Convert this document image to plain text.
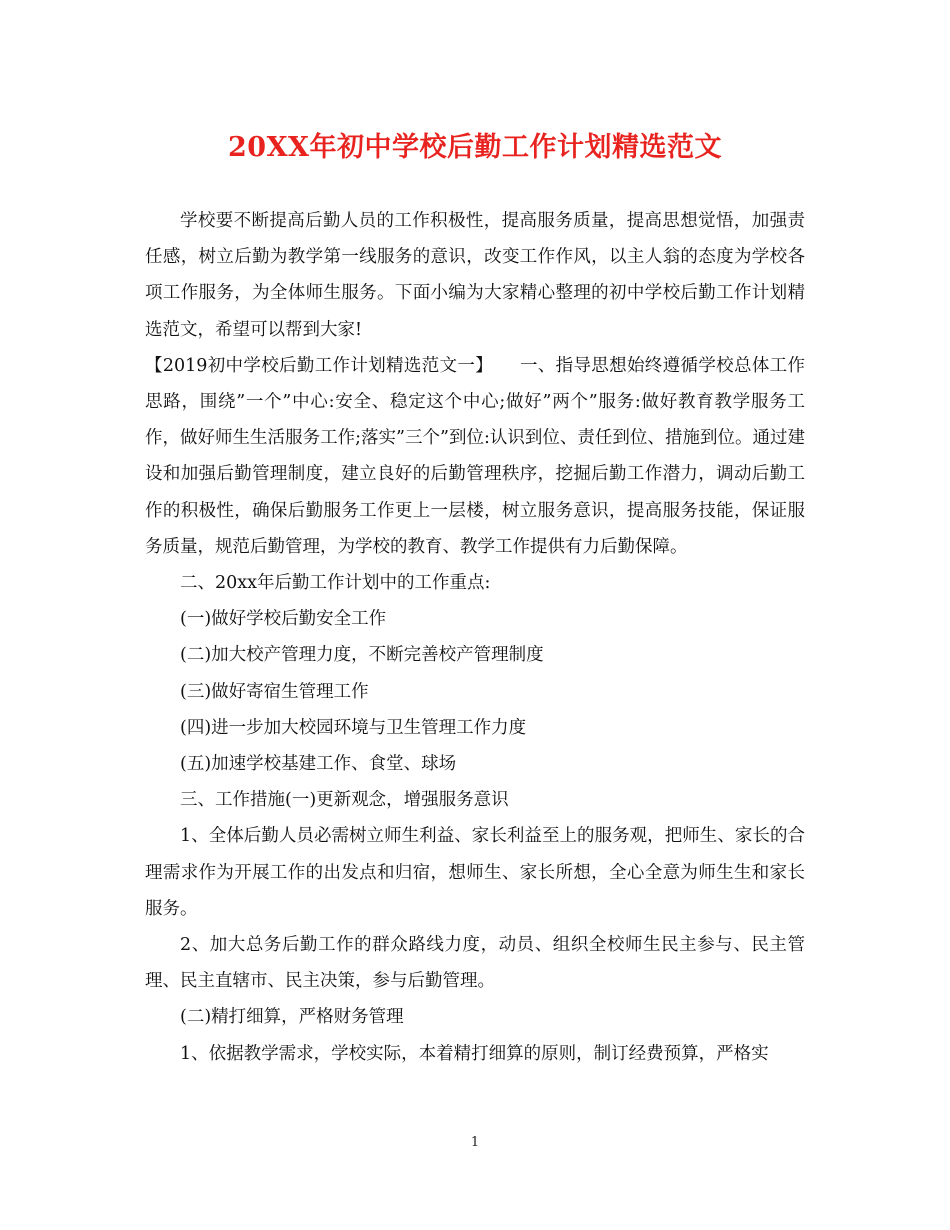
20XX年初中学校后勤工作计划精选范文

学校要不断提高后勤人员的工作积极性，提高服务质量，提高思想觉悟，加强责任感，树立后勤为教学第一线服务的意识，改变工作作风，以主人翁的态度为学校各项工作服务，为全体师生服务。下面小编为大家精心整理的初中学校后勤工作计划精选范文，希望可以帮到大家!

【2019初中学校后勤工作计划精选范文一】　　一、指导思想始终遵循学校总体工作思路，围绕”一个”中心:安全、稳定这个中心;做好”两个”服务:做好教育教学服务工作，做好师生生活服务工作;落实”三个”到位:认识到位、责任到位、措施到位。通过建设和加强后勤管理制度，建立良好的后勤管理秩序，挖掘后勤工作潜力，调动后勤工作的积极性，确保后勤服务工作更上一层楼，树立服务意识，提高服务技能，保证服务质量，规范后勤管理，为学校的教育、教学工作提供有力后勤保障。

二、20xx年后勤工作计划中的工作重点:

(一)做好学校后勤安全工作

(二)加大校产管理力度，不断完善校产管理制度

(三)做好寄宿生管理工作

(四)进一步加大校园环境与卫生管理工作力度

(五)加速学校基建工作、食堂、球场

三、工作措施(一)更新观念，增强服务意识

1、全体后勤人员必需树立师生利益、家长利益至上的服务观，把师生、家长的合理需求作为开展工作的出发点和归宿，想师生、家长所想，全心全意为师生生和家长服务。

2、加大总务后勤工作的群众路线力度，动员、组织全校师生民主参与、民主管理、民主直辖市、民主决策，参与后勤管理。

(二)精打细算，严格财务管理

1、依据教学需求，学校实际，本着精打细算的原则，制订经费预算，严格实

1
